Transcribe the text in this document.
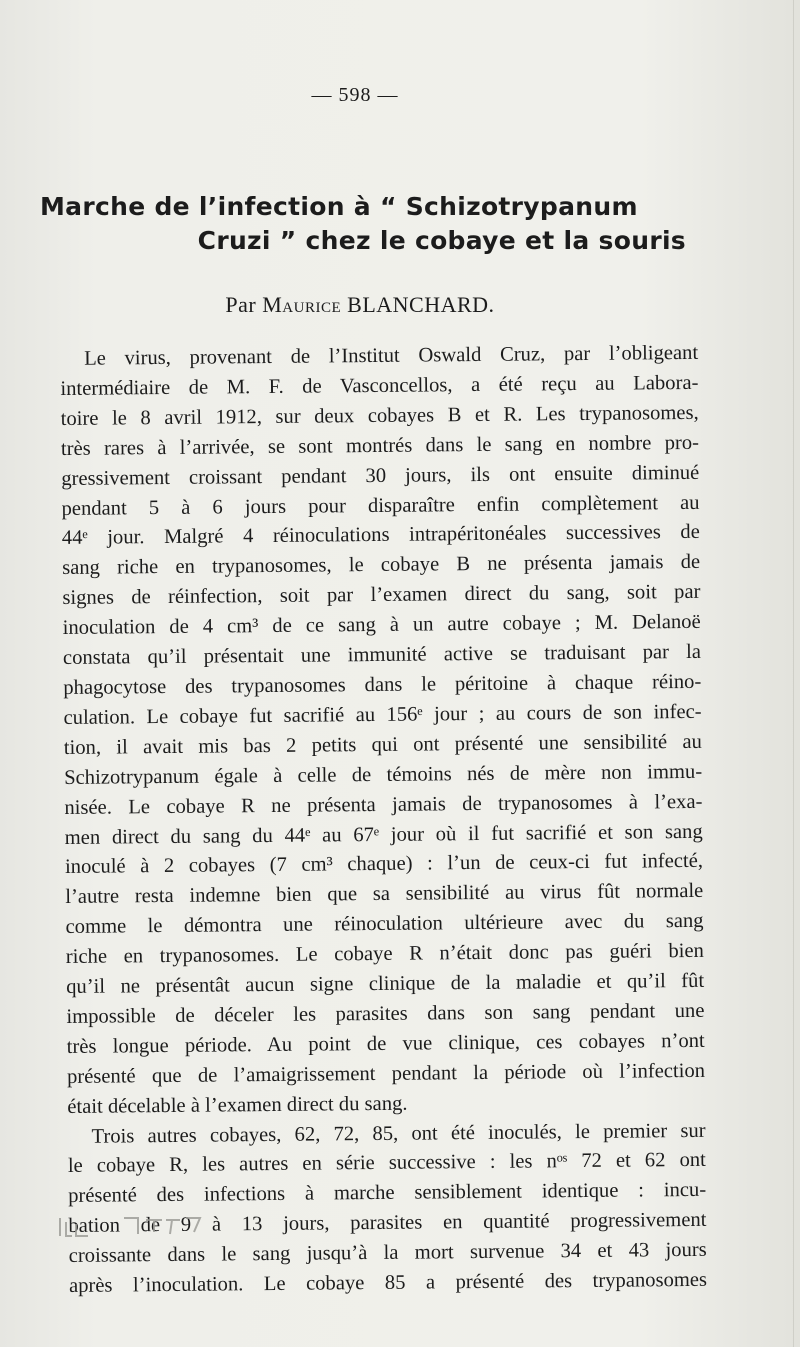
— 598 —
Marche de l’infection à “ Schizotrypanum
Cruzi ” chez le cobaye et la souris
Par Maurice BLANCHARD.
Le virus, provenant de l’Institut Oswald Cruz, par l’obligeant
intermédiaire de M. F. de Vasconcellos, a été reçu au Labora-
toire le 8 avril 1912, sur deux cobayes B et R. Les trypanosomes,
très rares à l’arrivée, se sont montrés dans le sang en nombre pro-
gressivement croissant pendant 30 jours, ils ont ensuite diminué
pendant 5 à 6 jours pour disparaître enfin complètement au
44ᵉ jour. Malgré 4 réinoculations intrapéritonéales successives de
sang riche en trypanosomes, le cobaye B ne présenta jamais de
signes de réinfection, soit par l’examen direct du sang, soit par
inoculation de 4 cm³ de ce sang à un autre cobaye ; M. Delanoë
constata qu’il présentait une immunité active se traduisant par la
phagocytose des trypanosomes dans le péritoine à chaque réino-
culation. Le cobaye fut sacrifié au 156ᵉ jour ; au cours de son infec-
tion, il avait mis bas 2 petits qui ont présenté une sensibilité au
Schizotrypanum égale à celle de témoins nés de mère non immu-
nisée. Le cobaye R ne présenta jamais de trypanosomes à l’exa-
men direct du sang du 44ᵉ au 67ᵉ jour où il fut sacrifié et son sang
inoculé à 2 cobayes (7 cm³ chaque) : l’un de ceux-ci fut infecté,
l’autre resta indemne bien que sa sensibilité au virus fût normale
comme le démontra une réinoculation ultérieure avec du sang
riche en trypanosomes. Le cobaye R n’était donc pas guéri bien
qu’il ne présentât aucun signe clinique de la maladie et qu’il fût
impossible de déceler les parasites dans son sang pendant une
très longue période. Au point de vue clinique, ces cobayes n’ont
présenté que de l’amaigrissement pendant la période où l’infection
était décelable à l’examen direct du sang.
Trois autres cobayes, 62, 72, 85, ont été inoculés, le premier sur
le cobaye R, les autres en série successive : les nᵒˢ 72 et 62 ont
présenté des infections à marche sensiblement identique : incu-
bation de 9 à 13 jours, parasites en quantité progressivement
croissante dans le sang jusqu’à la mort survenue 34 et 43 jours
après l’inoculation. Le cobaye 85 a présenté des trypanosomes
